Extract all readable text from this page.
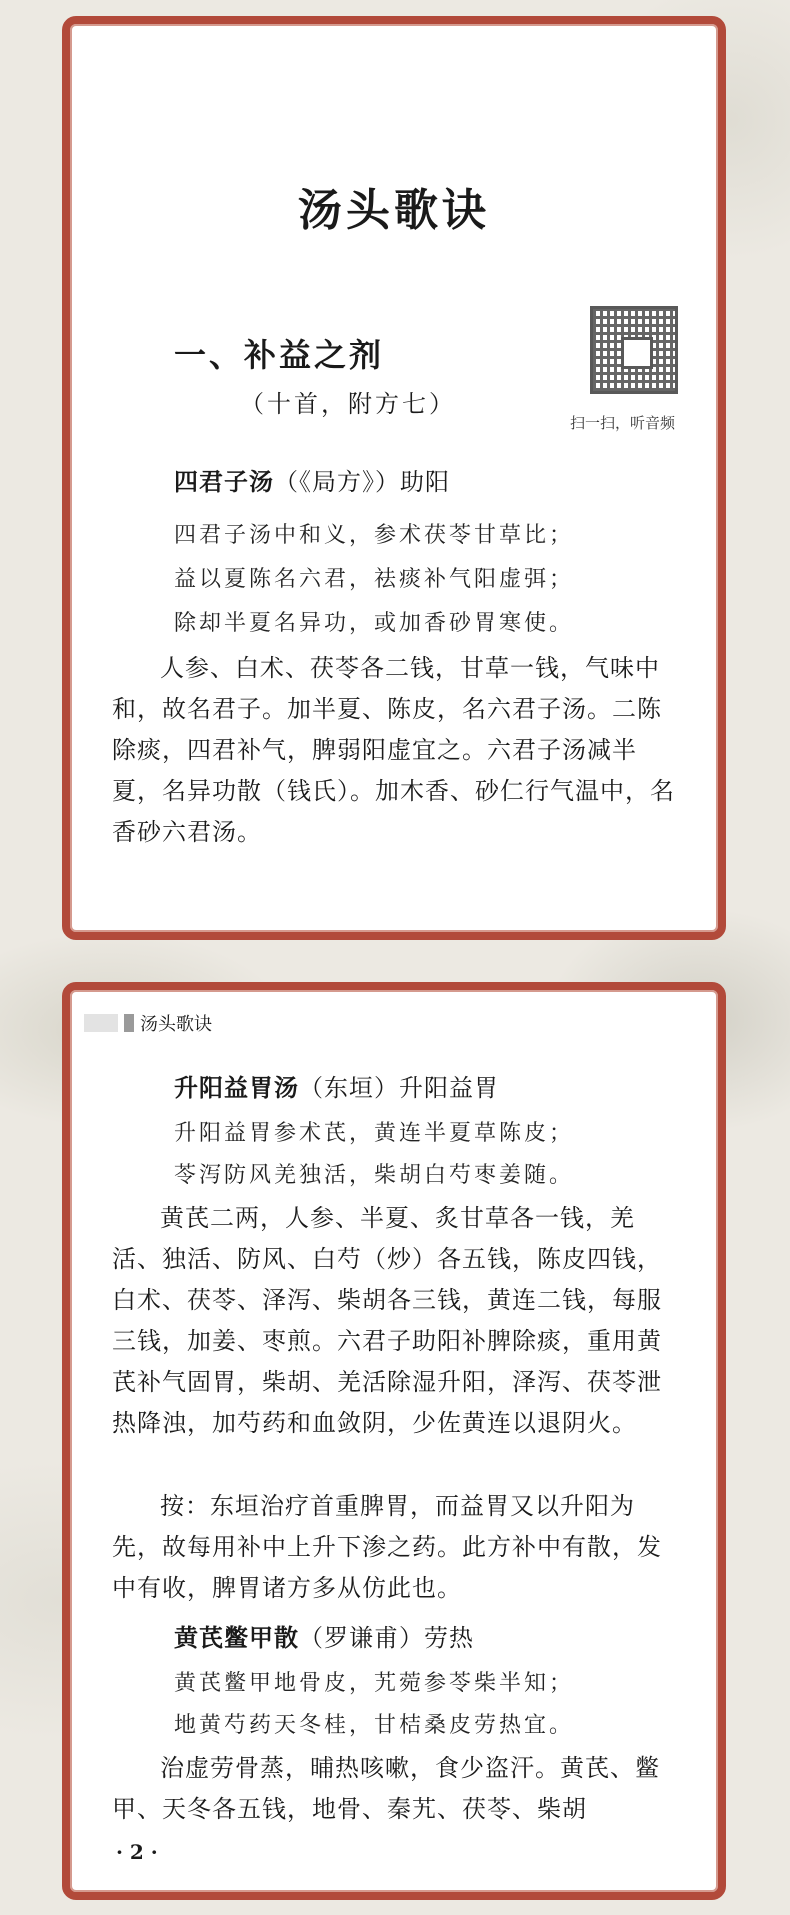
汤头歌诀
一、补益之剂
（十首，附方七）
扫一扫，听音频
四君子汤（《局方》）助阳
四君子汤中和义，参术茯苓甘草比；
益以夏陈名六君，祛痰补气阳虚弭；
除却半夏名异功，或加香砂胃寒使。
人参、白术、茯苓各二钱，甘草一钱，气味中和，故名君子。加半夏、陈皮，名六君子汤。二陈除痰，四君补气，脾弱阳虚宜之。六君子汤减半夏，名异功散（钱氏）。加木香、砂仁行气温中，名香砂六君汤。
汤头歌诀
升阳益胃汤（东垣）升阳益胃
升阳益胃参术芪，黄连半夏草陈皮；
苓泻防风羌独活，柴胡白芍枣姜随。
黄芪二两，人参、半夏、炙甘草各一钱，羌活、独活、防风、白芍（炒）各五钱，陈皮四钱，白术、茯苓、泽泻、柴胡各三钱，黄连二钱，每服三钱，加姜、枣煎。六君子助阳补脾除痰，重用黄芪补气固胃，柴胡、羌活除湿升阳，泽泻、茯苓泄热降浊，加芍药和血敛阴，少佐黄连以退阴火。
按：东垣治疗首重脾胃，而益胃又以升阳为先，故每用补中上升下渗之药。此方补中有散，发中有收，脾胃诸方多从仿此也。
黄芪鳖甲散（罗谦甫）劳热
黄芪鳖甲地骨皮，艽菀参苓柴半知；
地黄芍药天冬桂，甘桔桑皮劳热宜。
治虚劳骨蒸，晡热咳嗽，食少盗汗。黄芪、鳖甲、天冬各五钱，地骨、秦艽、茯苓、柴胡
· 2 ·
